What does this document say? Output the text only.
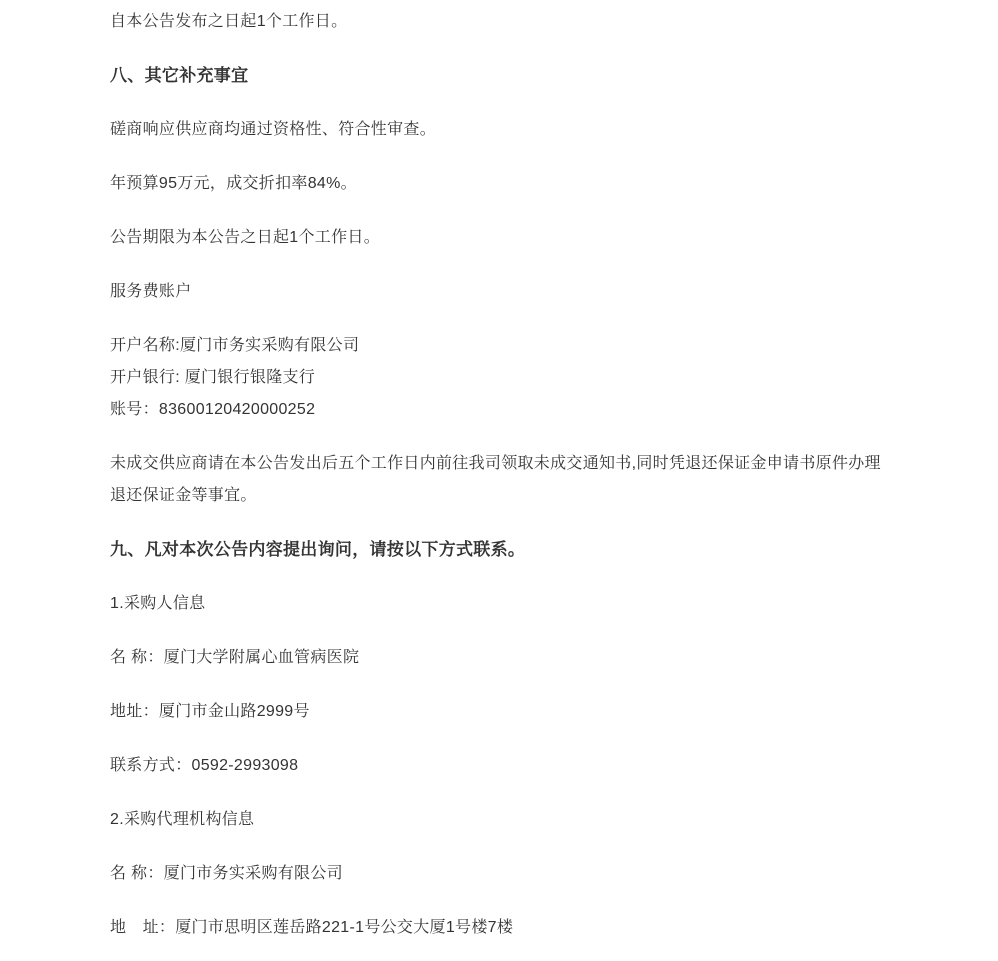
自本公告发布之日起1个工作日。

八、其它补充事宜

磋商响应供应商均通过资格性、符合性审查。

年预算95万元，成交折扣率84%。

公告期限为本公告之日起1个工作日。

服务费账户

开户名称:厦门市务实采购有限公司
开户银行: 厦门银行银隆支行
账号：83600120420000252

未成交供应商请在本公告发出后五个工作日内前往我司领取未成交通知书,同时凭退还保证金申请书原件办理退还保证金等事宜。

九、凡对本次公告内容提出询问，请按以下方式联系。

1.采购人信息

名 称：厦门大学附属心血管病医院

地址：厦门市金山路2999号

联系方式：0592-2993098

2.采购代理机构信息

名 称：厦门市务实采购有限公司

地　址：厦门市思明区莲岳路221-1号公交大厦1号楼7楼
